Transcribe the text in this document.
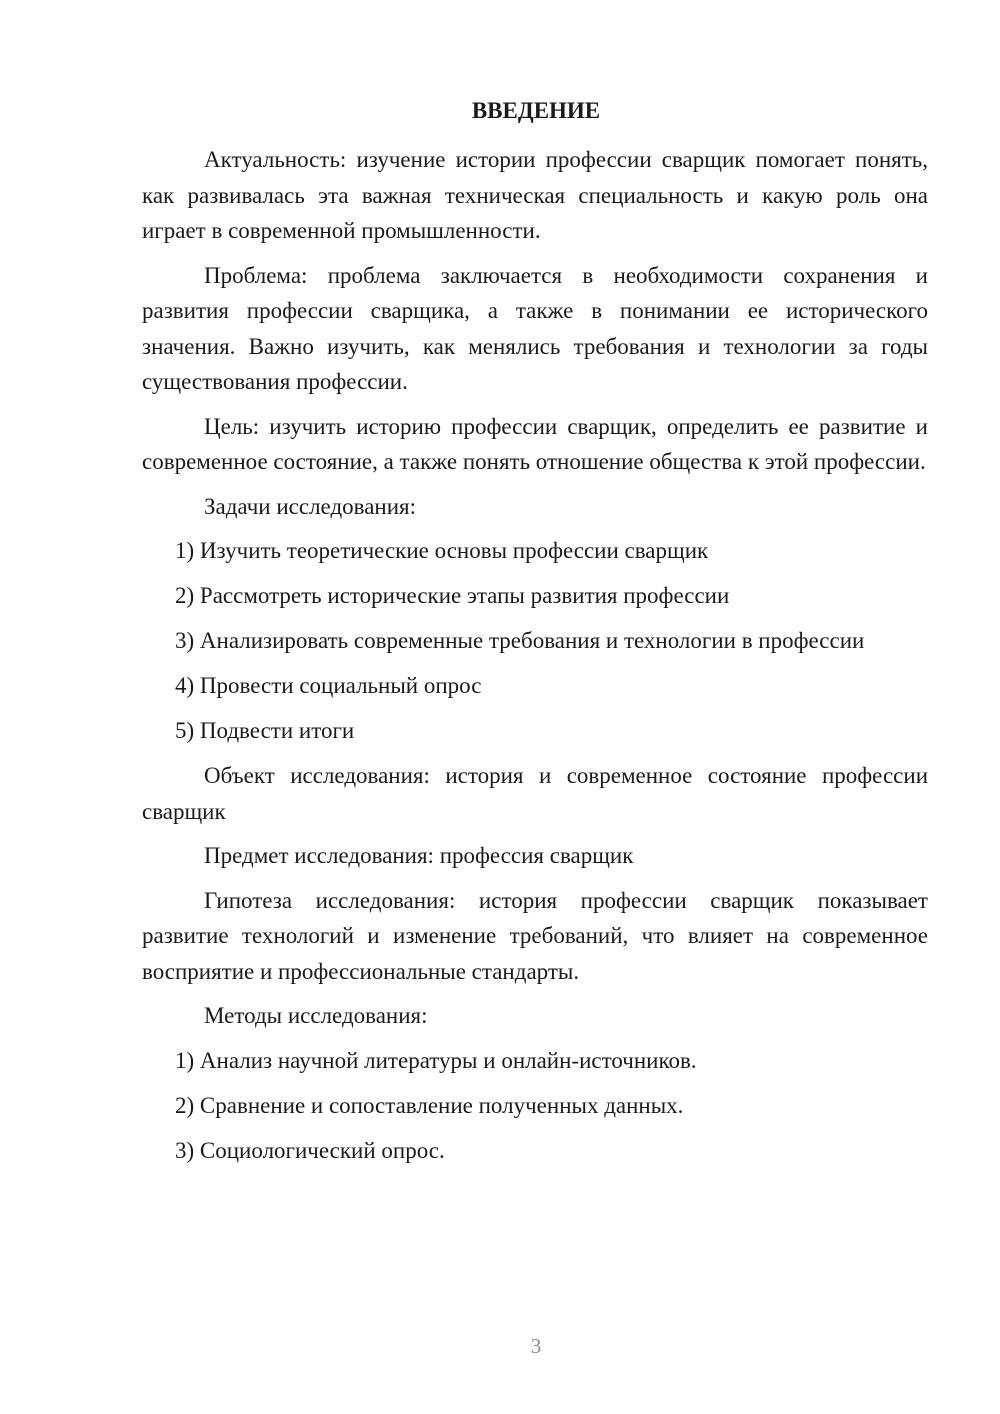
ВВЕДЕНИЕ

Актуальность: изучение истории профессии сварщик помогает понять, как развивалась эта важная техническая специальность и какую роль она играет в современной промышленности.

Проблема: проблема заключается в необходимости сохранения и развития профессии сварщика, а также в понимании ее исторического значения. Важно изучить, как менялись требования и технологии за годы существования профессии.

Цель: изучить историю профессии сварщик, определить ее развитие и современное состояние, а также понять отношение общества к этой профессии.

Задачи исследования:

1) Изучить теоретические основы профессии сварщик

2) Рассмотреть исторические этапы развития профессии

3) Анализировать современные требования и технологии в профессии

4) Провести социальный опрос

5) Подвести итоги

Объект исследования: история и современное состояние профессии сварщик

Предмет исследования: профессия сварщик

Гипотеза исследования: история профессии сварщик показывает развитие технологий и изменение требований, что влияет на современное восприятие и профессиональные стандарты.

Методы исследования:

1) Анализ научной литературы и онлайн-источников.

2) Сравнение и сопоставление полученных данных.

3) Социологический опрос.

3
